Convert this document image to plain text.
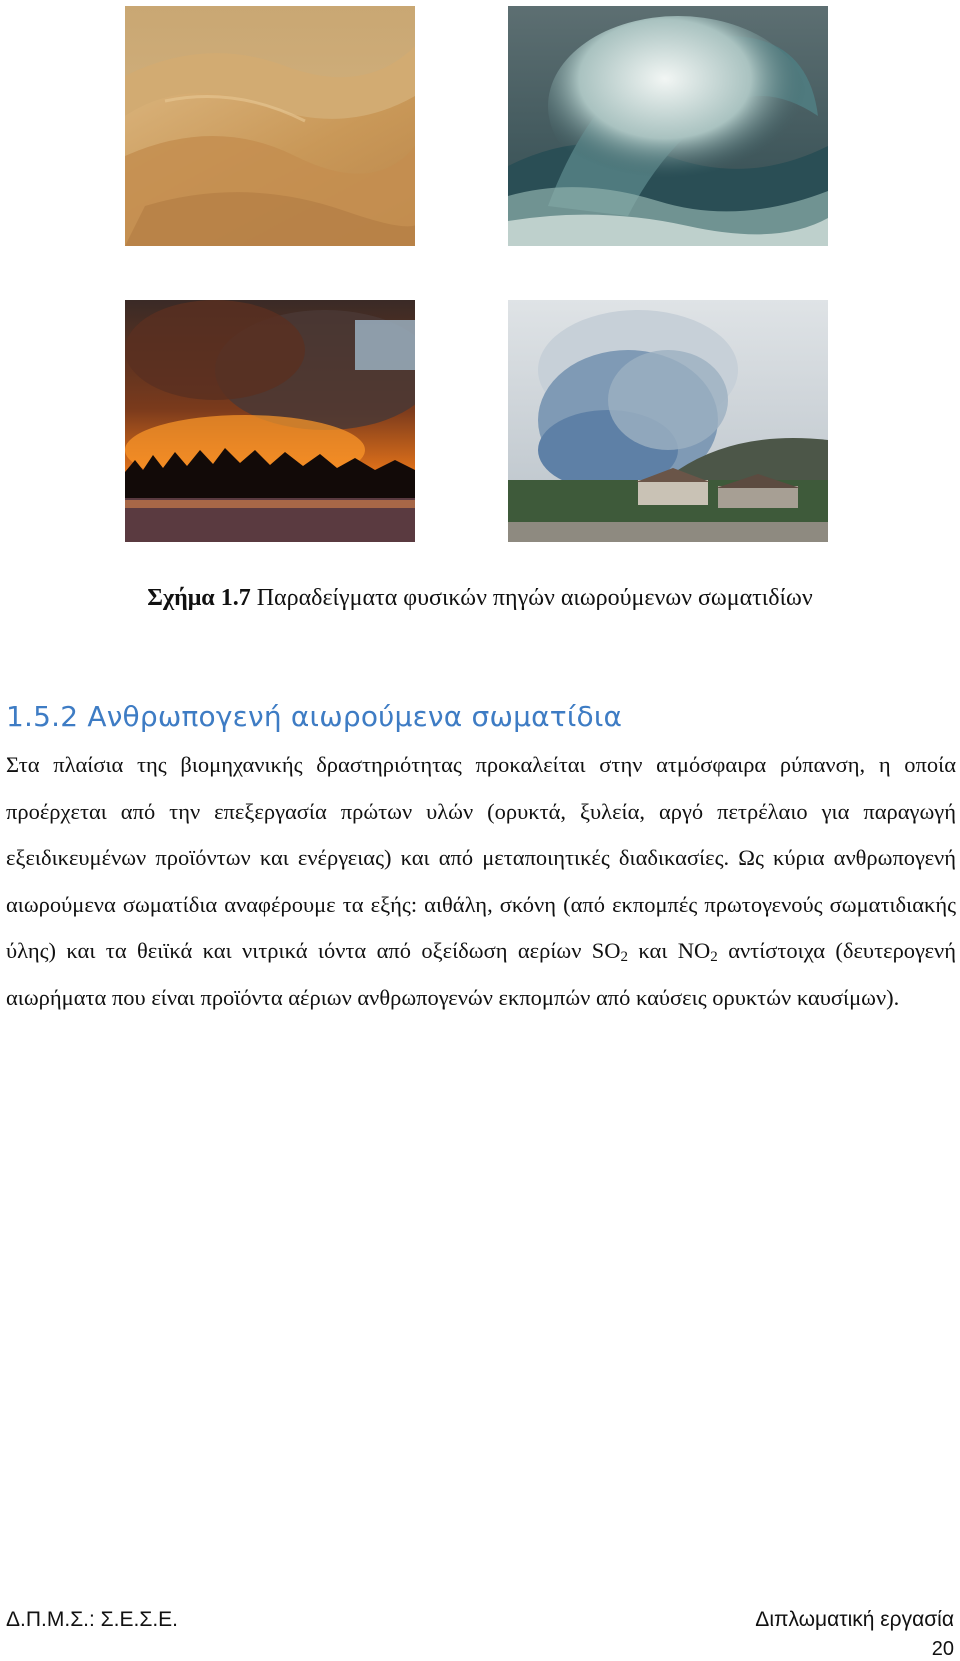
Σχήμα 1.7 Παραδείγματα φυσικών πηγών αιωρούμενων σωματιδίων
1.5.2 Ανθρωπογενή αιωρούμενα σωματίδια
Στα πλαίσια της βιομηχανικής δραστηριότητας προκαλείται στην ατμόσφαιρα ρύπανση, η οποία προέρχεται από την επεξεργασία πρώτων υλών (ορυκτά, ξυλεία, αργό πετρέλαιο για παραγωγή εξειδικευμένων προϊόντων και ενέργειας) και από μεταποιητικές διαδικασίες. Ως κύρια ανθρωπογενή αιωρούμενα σωματίδια αναφέρουμε τα εξής: αιθάλη, σκόνη (από εκπομπές πρωτογενούς σωματιδιακής ύλης) και τα θειϊκά και νιτρικά ιόντα από οξείδωση αερίων $SO_2$ και $NO_2$ αντίστοιχα (δευτερογενή αιωρήματα που είναι προϊόντα αέριων ανθρωπογενών εκπομπών από καύσεις ορυκτών καυσίμων).
Δ.Π.Μ.Σ.: Σ.Ε.Σ.Ε.	Διπλωματική εργασία
20
